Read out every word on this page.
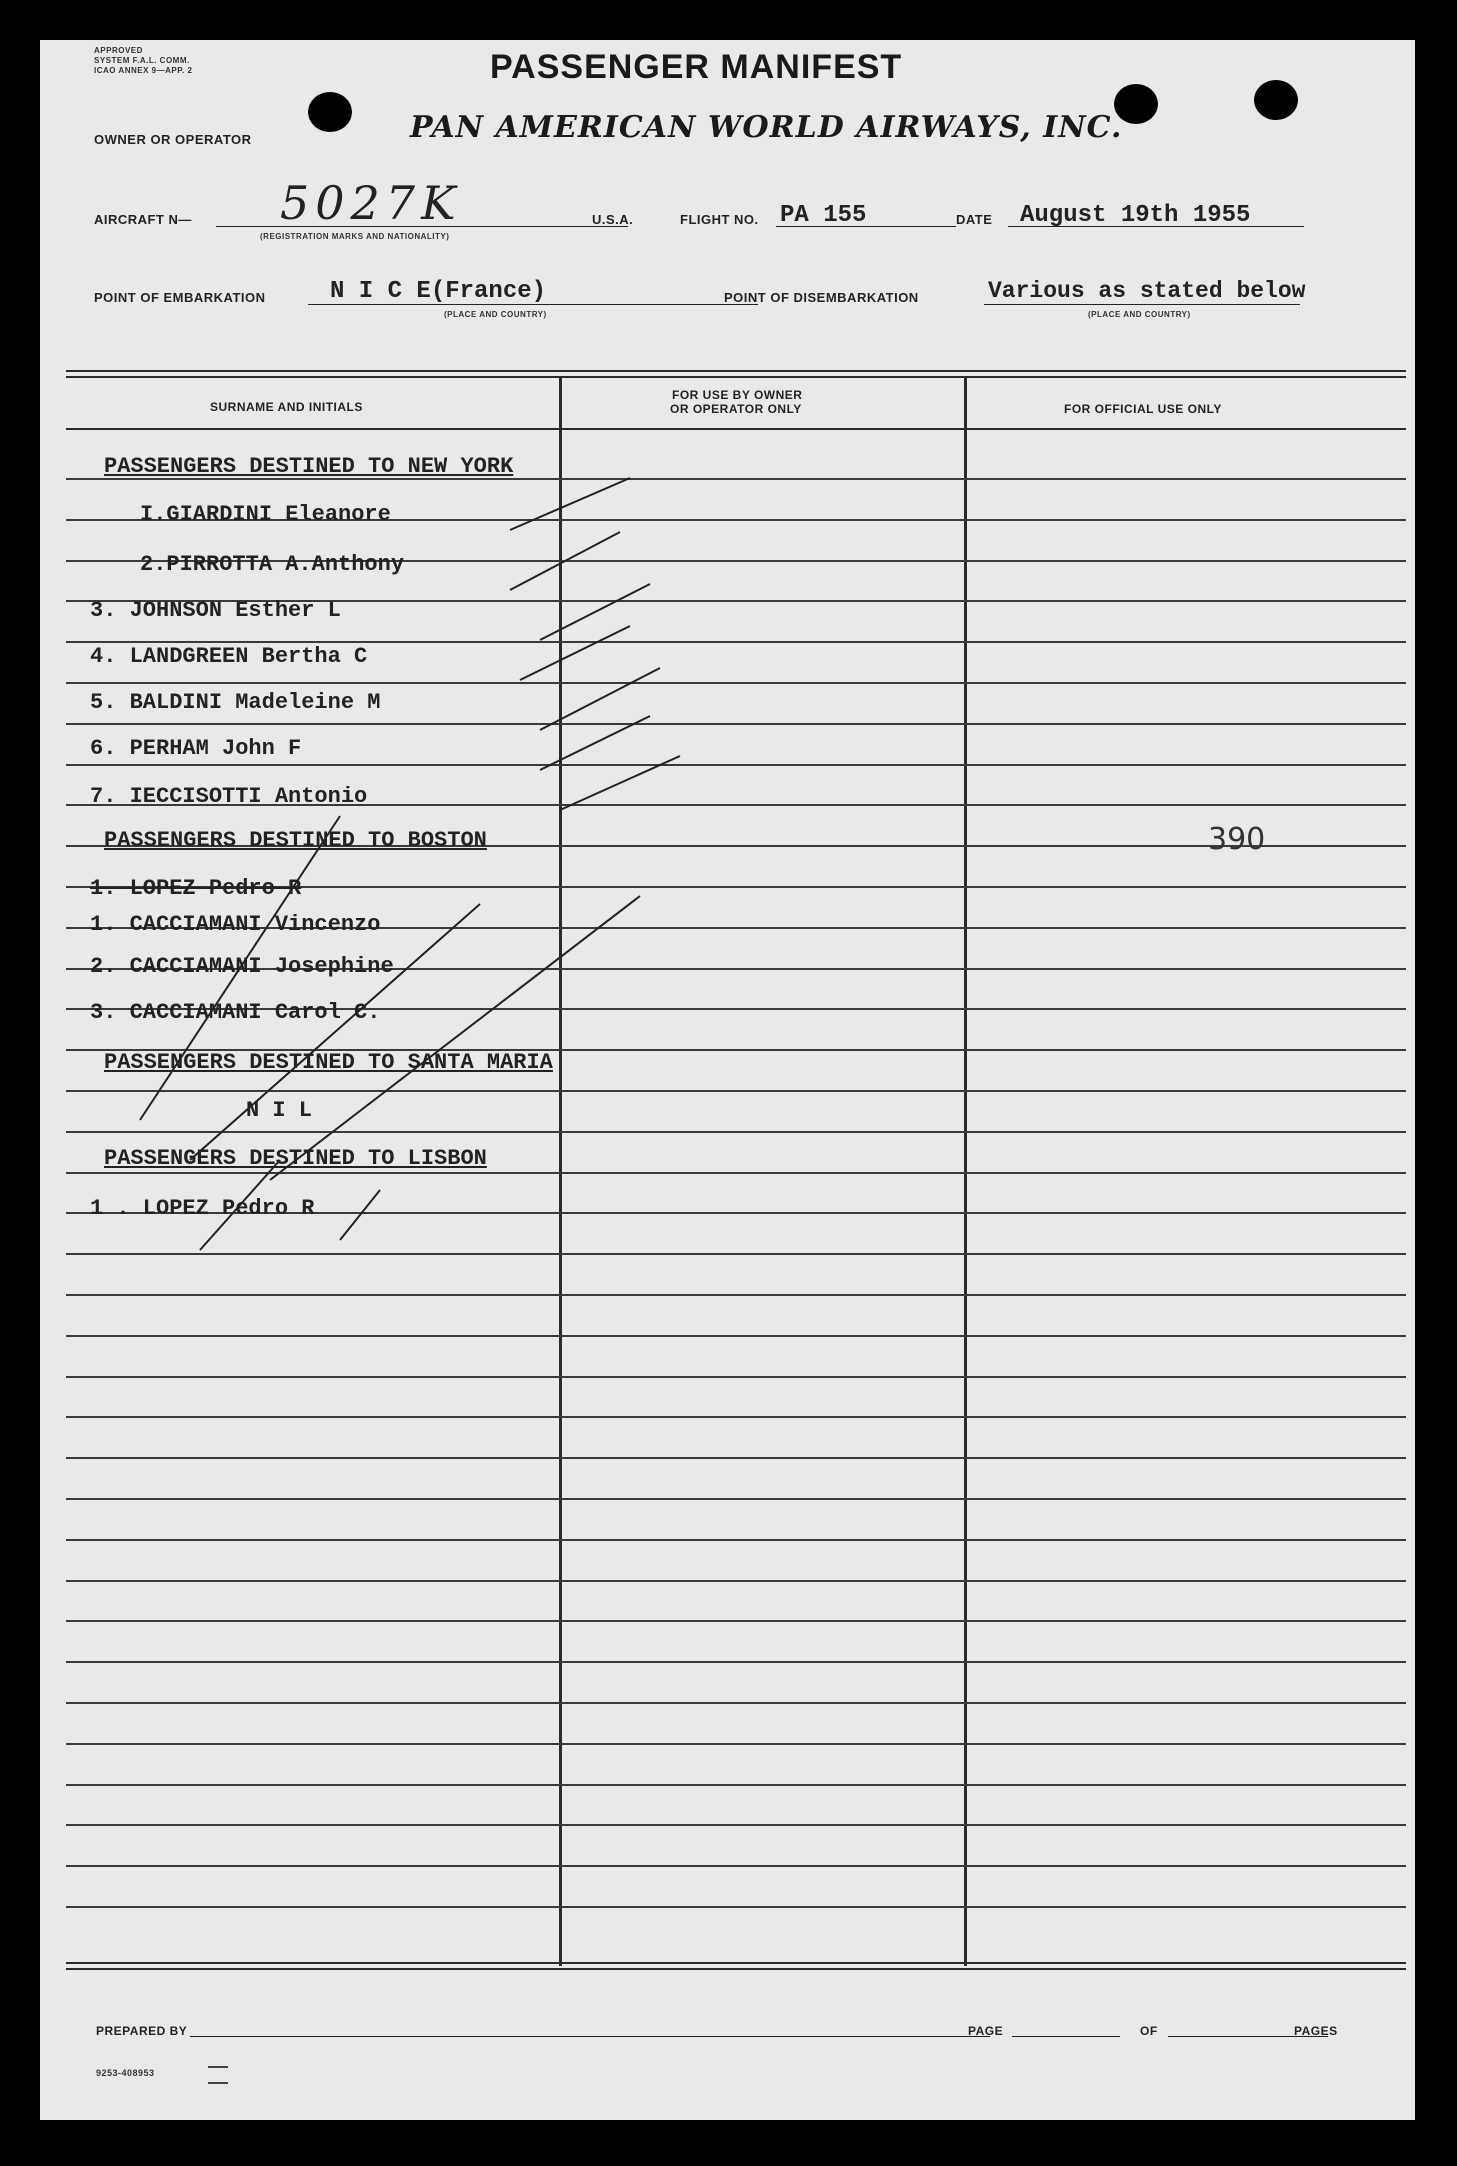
APPROVED
SYSTEM F.A.L. COMM.
ICAO ANNEX 9—APP. 2	PASSENGER MANIFEST
OWNER OR OPERATOR	PAN AMERICAN WORLD AIRWAYS, INC.
AIRCRAFT N— 5027K
(REGISTRATION MARKS AND NATIONALITY)
U.S.A.	FLIGHT NO. PA 155	DATE August 19th 1955
POINT OF EMBARKATION	N I C E(France)
(PLACE AND COUNTRY)
POINT OF DISEMBARKATION	Various as stated below
(PLACE AND COUNTRY)
SURNAME AND INITIALS
FOR USE BY OWNER
OR OPERATOR ONLY	FOR OFFICIAL USE ONLY
PASSENGERS DESTINED TO NEW YORK
I.GIARDINI Eleanore
2.PIRROTTA A.Anthony
3. JOHNSON Esther L
4. LANDGREEN Bertha C
5. BALDINI Madeleine M
6. PERHAM John F
7. IECCISOTTI Antonio
PASSENGERS DESTINED TO BOSTON
1. LOPEZ Pedro R
1. CACCIAMANI Vincenzo
2. CACCIAMANI Josephine
3. CACCIAMANI Carol C.
PASSENGERS DESTINED TO SANTA MARIA
N I L
PASSENGERS DESTINED TO LISBON
1 . LOPEZ Pedro R
390
PREPARED BY	PAGE	OF	PAGES
9253-408953
